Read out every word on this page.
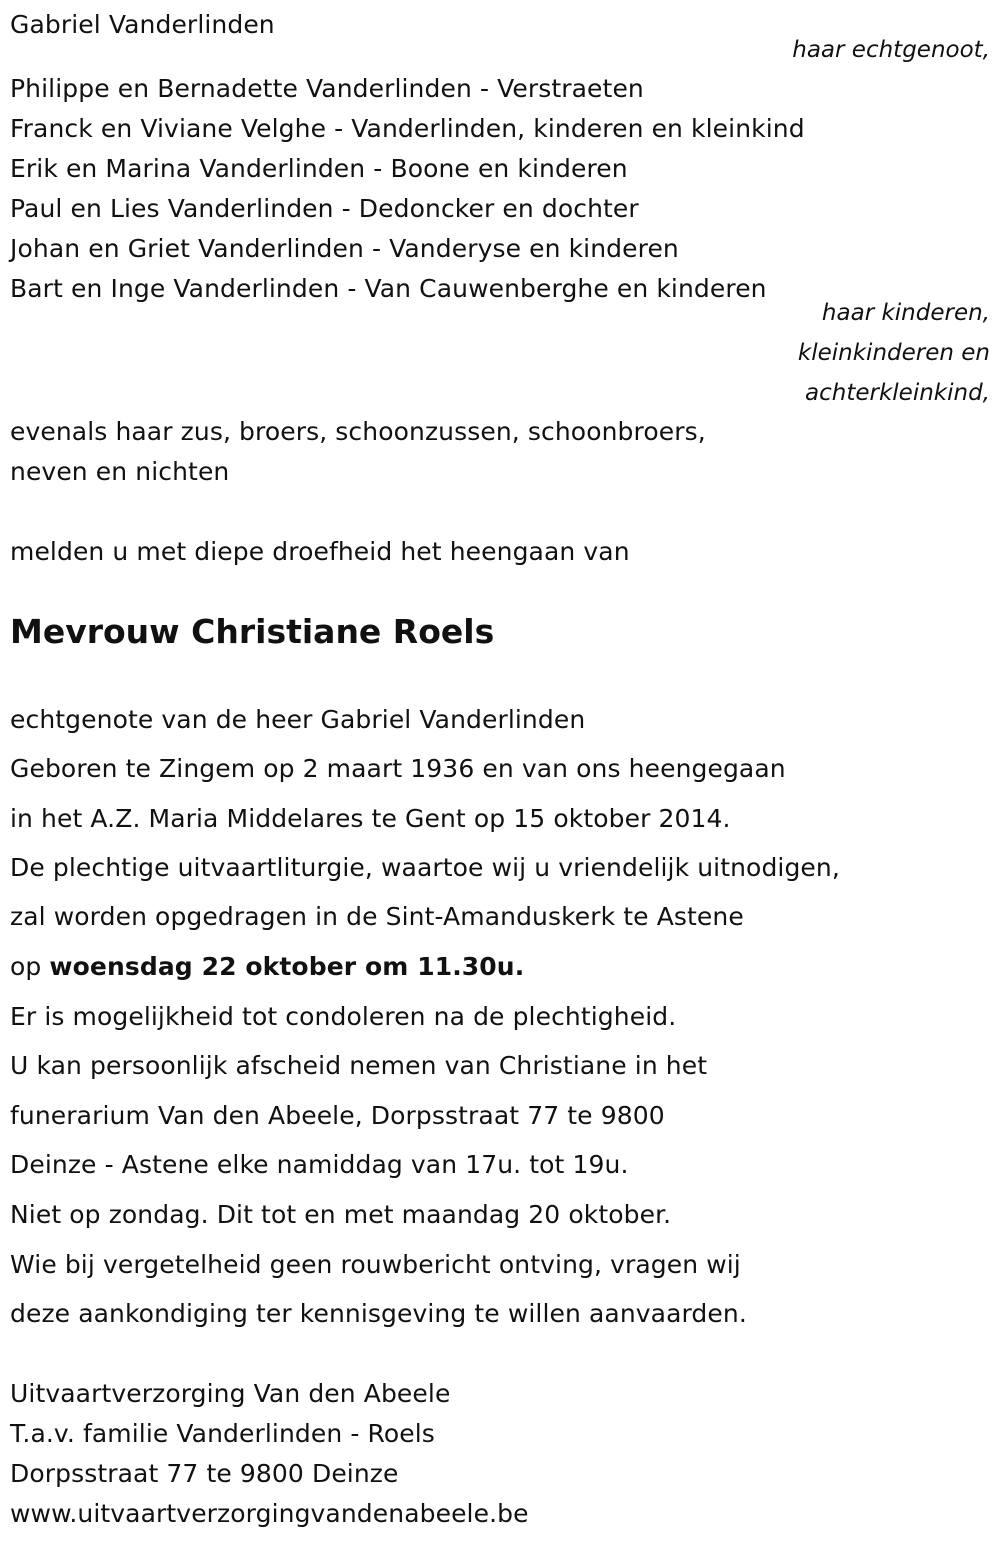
Gabriel Vanderlinden
haar echtgenoot,
Philippe en Bernadette Vanderlinden - Verstraeten
Franck en Viviane Velghe - Vanderlinden, kinderen en kleinkind
Erik en Marina Vanderlinden - Boone en kinderen
Paul en Lies Vanderlinden - Dedoncker en dochter
Johan en Griet Vanderlinden - Vanderyse en kinderen
Bart en Inge Vanderlinden - Van Cauwenberghe en kinderen
haar kinderen,
kleinkinderen en
achterkleinkind,
evenals haar zus, broers, schoonzussen, schoonbroers,
neven en nichten
melden u met diepe droefheid het heengaan van
Mevrouw Christiane Roels
echtgenote van de heer Gabriel Vanderlinden
Geboren te Zingem op 2 maart 1936 en van ons heengegaan
in het A.Z. Maria Middelares te Gent op 15 oktober 2014.
De plechtige uitvaartliturgie, waartoe wij u vriendelijk uitnodigen,
zal worden opgedragen in de Sint-Amanduskerk te Astene
op woensdag 22 oktober om 11.30u.
Er is mogelijkheid tot condoleren na de plechtigheid.
U kan persoonlijk afscheid nemen van Christiane in het
funerarium Van den Abeele, Dorpsstraat 77 te 9800
Deinze - Astene elke namiddag van 17u. tot 19u.
Niet op zondag. Dit tot en met maandag 20 oktober.
Wie bij vergetelheid geen rouwbericht ontving, vragen wij
deze aankondiging ter kennisgeving te willen aanvaarden.
Uitvaartverzorging Van den Abeele
T.a.v. familie Vanderlinden - Roels
Dorpsstraat 77 te 9800 Deinze
www.uitvaartverzorgingvandenabeele.be
